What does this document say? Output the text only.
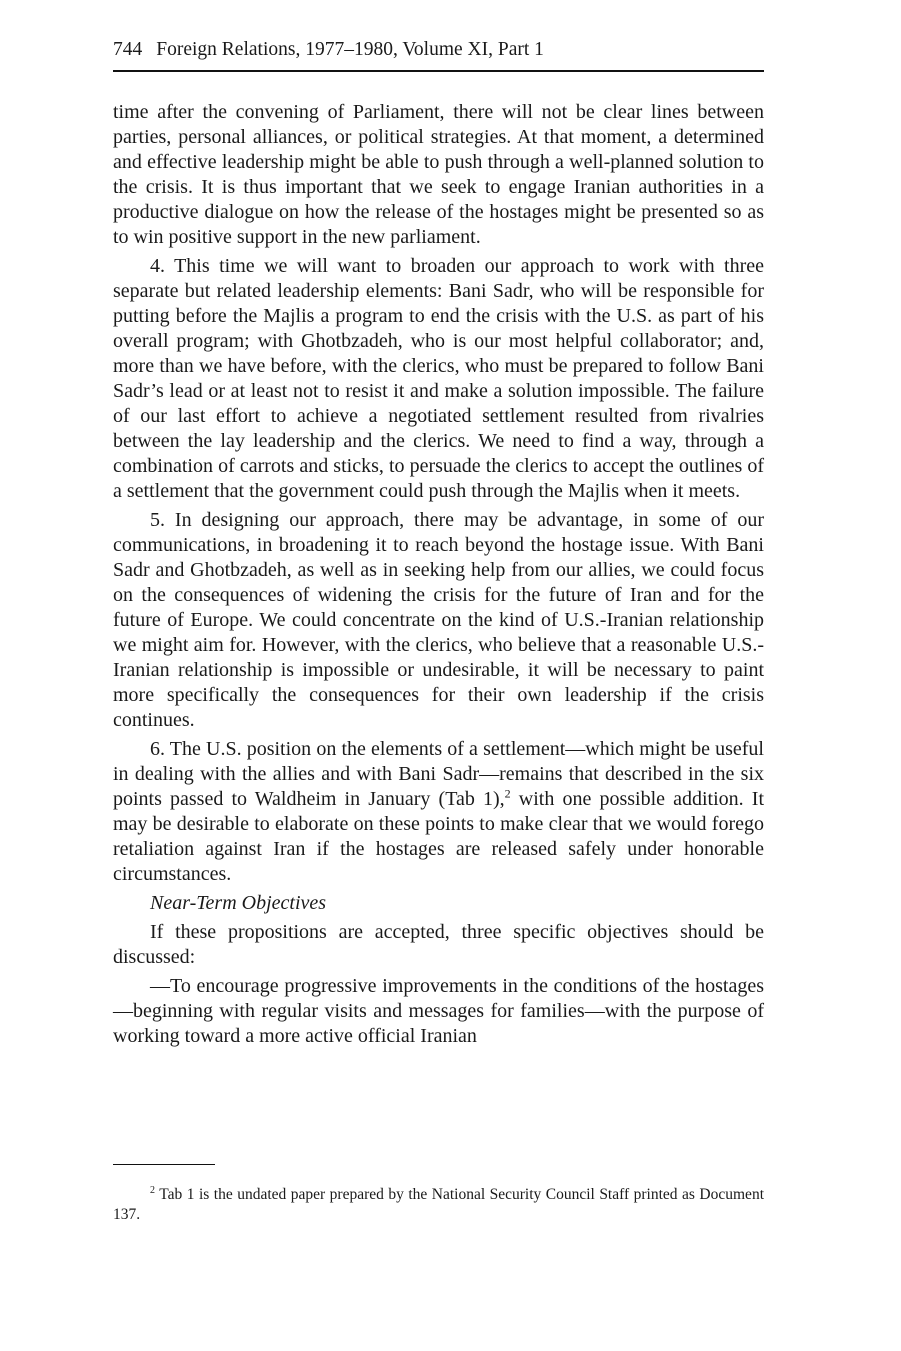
744 Foreign Relations, 1977–1980, Volume XI, Part 1

time after the convening of Parliament, there will not be clear lines between parties, personal alliances, or political strategies. At that moment, a determined and effective leadership might be able to push through a well-planned solution to the crisis. It is thus important that we seek to engage Iranian authorities in a productive dialogue on how the release of the hostages might be presented so as to win positive support in the new parliament.

4. This time we will want to broaden our approach to work with three separate but related leadership elements: Bani Sadr, who will be responsible for putting before the Majlis a program to end the crisis with the U.S. as part of his overall program; with Ghotbzadeh, who is our most helpful collaborator; and, more than we have before, with the clerics, who must be prepared to follow Bani Sadr’s lead or at least not to resist it and make a solution impossible. The failure of our last effort to achieve a negotiated settlement resulted from rivalries between the lay leadership and the clerics. We need to find a way, through a combination of carrots and sticks, to persuade the clerics to accept the outlines of a settlement that the government could push through the Majlis when it meets.

5. In designing our approach, there may be advantage, in some of our communications, in broadening it to reach beyond the hostage issue. With Bani Sadr and Ghotbzadeh, as well as in seeking help from our allies, we could focus on the consequences of widening the crisis for the future of Iran and for the future of Europe. We could concentrate on the kind of U.S.-Iranian relationship we might aim for. However, with the clerics, who believe that a reasonable U.S.-Iranian relationship is impossible or undesirable, it will be necessary to paint more specifically the consequences for their own leadership if the crisis continues.

6. The U.S. position on the elements of a settlement—which might be useful in dealing with the allies and with Bani Sadr—remains that described in the six points passed to Waldheim in January (Tab 1),$^2$ with one possible addition. It may be desirable to elaborate on these points to make clear that we would forego retaliation against Iran if the hostages are released safely under honorable circumstances.

Near-Term Objectives

If these propositions are accepted, three specific objectives should be discussed:

—To encourage progressive improvements in the conditions of the hostages—beginning with regular visits and messages for families—with the purpose of working toward a more active official Iranian

$^2$ Tab 1 is the undated paper prepared by the National Security Council Staff printed as Document 137.
